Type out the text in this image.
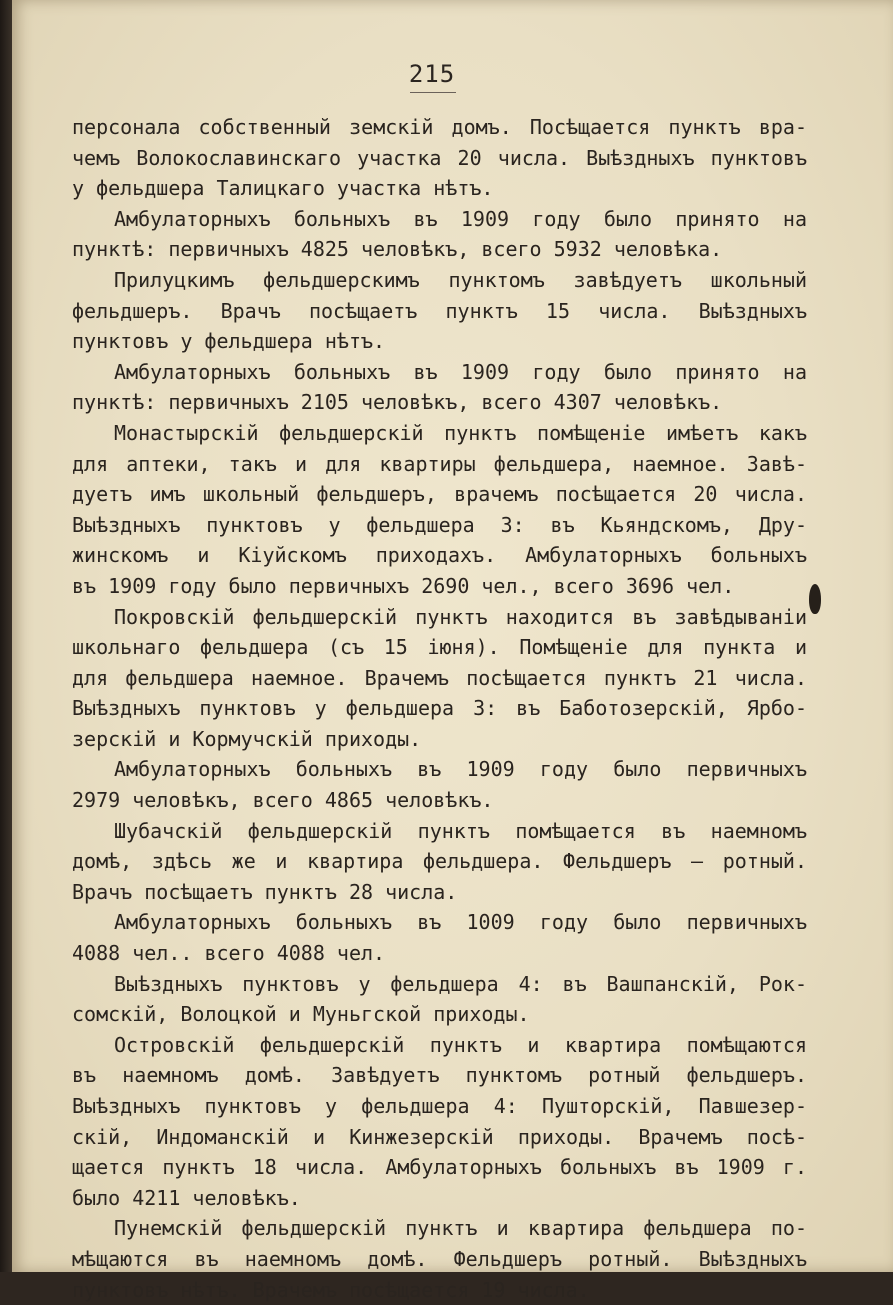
215
персонала собственный земскій домъ. Посѣщается пунктъ вра-
чемъ Волокославинскаго участка 20 числа. Выѣздныхъ пунктовъ
у фельдшера Талицкаго участка нѣтъ.
Амбулаторныхъ больныхъ въ 1909 году было принято на
пунктѣ: первичныхъ 4825 человѣкъ, всего 5932 человѣка.
Прилуцкимъ фельдшерскимъ пунктомъ завѣдуетъ школьный
фельдшеръ. Врачъ посѣщаетъ пунктъ 15 числа. Выѣздныхъ
пунктовъ у фельдшера нѣтъ.
Амбулаторныхъ больныхъ въ 1909 году было принято на
пунктѣ: первичныхъ 2105 человѣкъ, всего 4307 человѣкъ.
Монастырскій фельдшерскій пунктъ помѣщеніе имѣетъ какъ
для аптеки, такъ и для квартиры фельдшера, наемное. Завѣ-
дуетъ имъ школьный фельдшеръ, врачемъ посѣщается 20 числа.
Выѣздныхъ пунктовъ у фельдшера 3: въ Кьяндскомъ, Дру-
жинскомъ и Кіуйскомъ приходахъ. Амбулаторныхъ больныхъ
въ 1909 году было первичныхъ 2690 чел., всего 3696 чел.
Покровскій фельдшерскій пунктъ находится въ завѣдываніи
школьнаго фельдшера (съ 15 іюня). Помѣщеніе для пункта и
для фельдшера наемное. Врачемъ посѣщается пунктъ 21 числа.
Выѣздныхъ пунктовъ у фельдшера 3: въ Баботозерскій, Ярбо-
зерскій и Кормучскій приходы.
Амбулаторныхъ больныхъ въ 1909 году было первичныхъ
2979 человѣкъ, всего 4865 человѣкъ.
Шубачскій фельдшерскій пунктъ помѣщается въ наемномъ
домѣ, здѣсь же и квартира фельдшера. Фельдшеръ — ротный.
Врачъ посѣщаетъ пунктъ 28 числа.
Амбулаторныхъ больныхъ въ 1009 году было первичныхъ
4088 чел.. всего 4088 чел.
Выѣздныхъ пунктовъ у фельдшера 4: въ Вашпанскій, Рок-
сомскій, Волоцкой и Муньгской приходы.
Островскій фельдшерскій пунктъ и квартира помѣщаются
въ наемномъ домѣ. Завѣдуетъ пунктомъ ротный фельдшеръ.
Выѣздныхъ пунктовъ у фельдшера 4: Пушторскій, Павшезер-
скій, Индоманскій и Кинжезерскій приходы. Врачемъ посѣ-
щается пунктъ 18 числа. Амбулаторныхъ больныхъ въ 1909 г.
было 4211 человѣкъ.
Пунемскій фельдшерскій пунктъ и квартира фельдшера по-
мѣщаются въ наемномъ домѣ. Фельдшеръ ротный. Выѣздныхъ
пунктовъ нѣтъ. Врачемъ посѣщается 19 числа.
